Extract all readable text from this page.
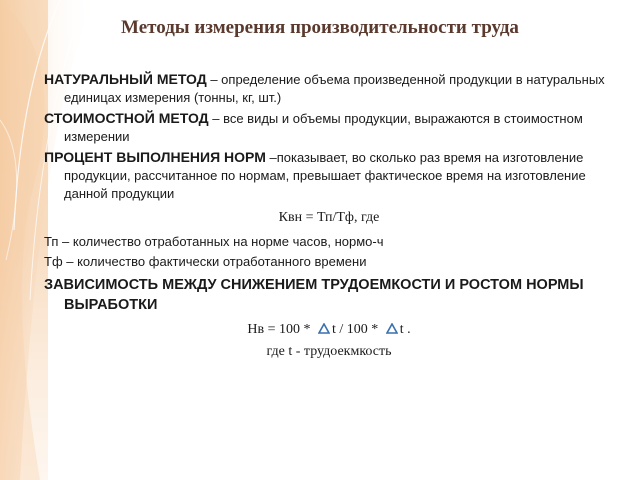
Методы измерения производительности труда

НАТУРАЛЬНЫЙ МЕТОД – определение объема произведенной продукции в натуральных единицах измерения (тонны, кг, шт.)

СТОИМОСТНОЙ МЕТОД – все виды и объемы продукции, выражаются в стоимостном измерении

ПРОЦЕНТ ВЫПОЛНЕНИЯ НОРМ –показывает, во сколько раз время на изготовление продукции, рассчитанное по нормам, превышает фактическое время на изготовление данной продукции

Квн = Тп/Тф, где

Тп – количество отработанных на норме часов, нормо-ч

Тф – количество фактически отработанного времени

ЗАВИСИМОСТЬ МЕЖДУ СНИЖЕНИЕМ ТРУДОЕМКОСТИ И РОСТОМ НОРМЫ ВЫРАБОТКИ

Нв = 100 * t / 100 * t .

где t - трудоекмкость
